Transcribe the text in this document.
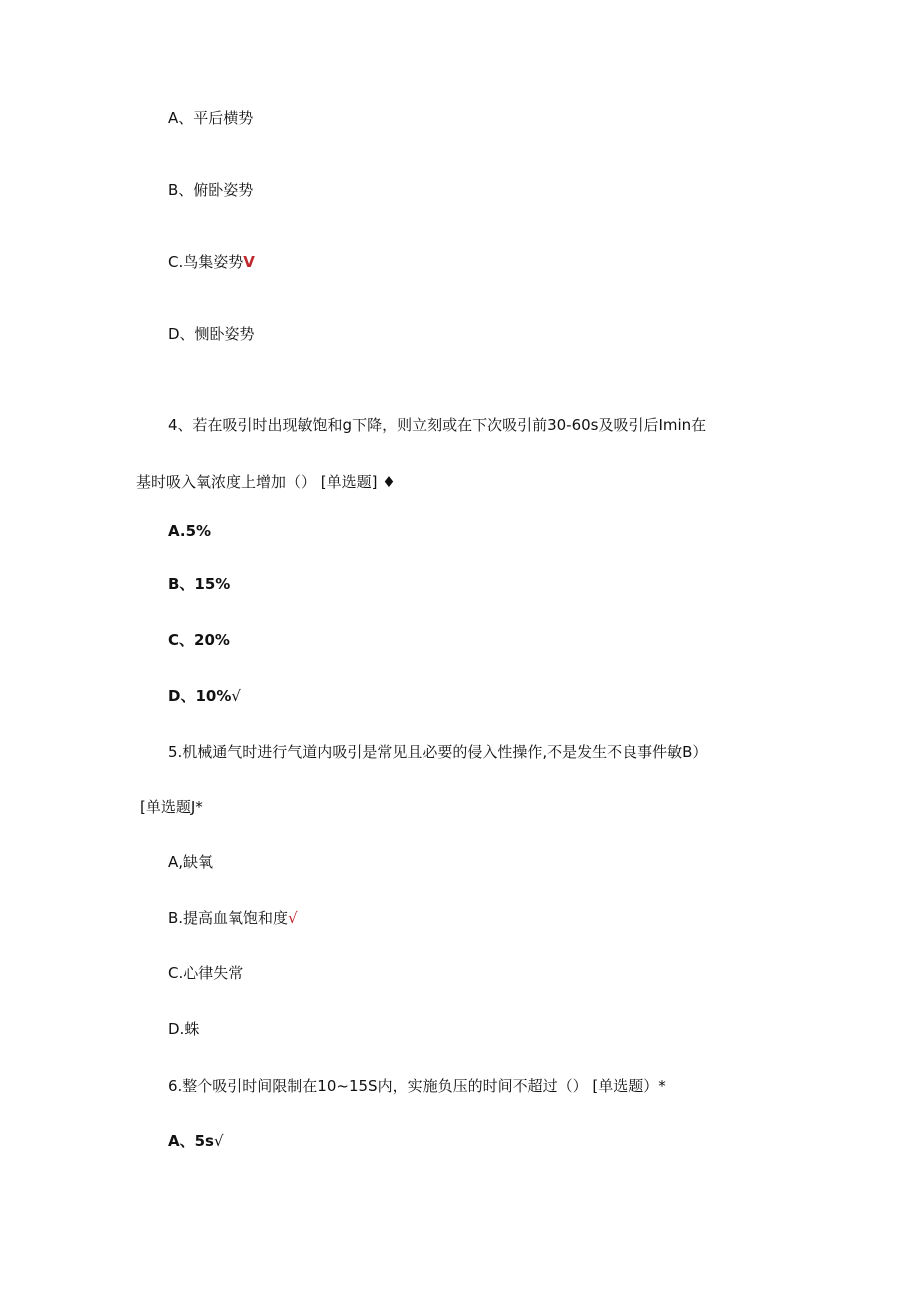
A、平后横势
B、俯卧姿势
C.鸟集姿势V
D、恻卧姿势
4、若在吸引时出现敏饱和g下降，则立刻或在下次吸引前30-60s及吸引后Imin在
基时吸入氧浓度上增加（） [单选题] ♦
A.5%
B、15%
C、20%
D、10%√
5.机械通气时进行气道内吸引是常见且必要的侵入性操作,不是发生不良事件敏B）
[单选题J*
A,缺氧
B.提高血氧饱和度√
C.心律失常
D.蛛
6.整个吸引时间限制在10~15S内，实施负压的时间不超过（） [单选题）*
A、5s√
